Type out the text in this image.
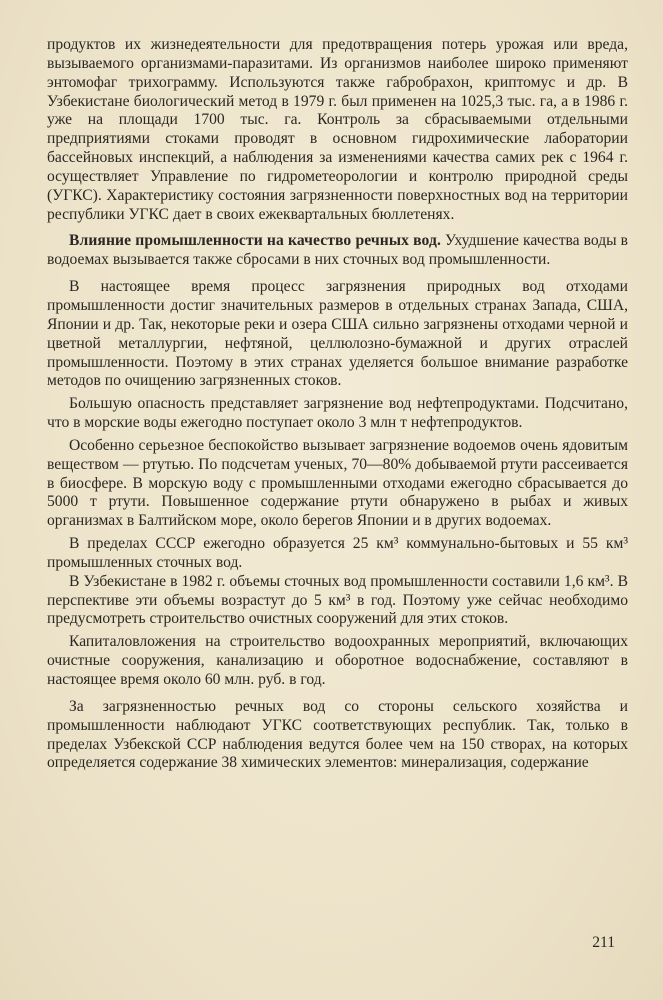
продуктов их жизнедеятельности для предотвращения потерь урожая или вреда, вызываемого организмами-паразитами. Из организмов наиболее широко применяют энтомофаг трихограмму. Используются также габробрахон, криптомус и др. В Узбекистане биологический метод в 1979 г. был применен на 1025,3 тыс. га, а в 1986 г. уже на площади 1700 тыс. га. Контроль за сбрасываемыми отдельными предприятиями стоками проводят в основном гидрохимические лаборатории бассейновых инспекций, а наблюдения за изменениями качества самих рек с 1964 г. осуществляет Управление по гидрометеорологии и контролю природной среды (УГКС). Характеристику состояния загрязненности поверхностных вод на территории республики УГКС дает в своих ежеквартальных бюллетенях.

Влияние промышленности на качество речных вод. Ухудшение качества воды в водоемах вызывается также сбросами в них сточных вод промышленности.

В настоящее время процесс загрязнения природных вод отходами промышленности достиг значительных размеров в отдельных странах Запада, США, Японии и др. Так, некоторые реки и озера США сильно загрязнены отходами черной и цветной металлургии, нефтяной, целлюлозно-бумажной и других отраслей промышленности. Поэтому в этих странах уделяется большое внимание разработке методов по очищению загрязненных стоков.

Большую опасность представляет загрязнение вод нефтепродуктами. Подсчитано, что в морские воды ежегодно поступает около 3 млн т нефтепродуктов.

Особенно серьезное беспокойство вызывает загрязнение водоемов очень ядовитым веществом — ртутью. По подсчетам ученых, 70—80% добываемой ртути рассеивается в биосфере. В морскую воду с промышленными отходами ежегодно сбрасывается до 5000 т ртути. Повышенное содержание ртути обнаружено в рыбах и живых организмах в Балтийском море, около берегов Японии и в других водоемах.

В пределах СССР ежегодно образуется 25 км³ коммунально-бытовых и 55 км³ промышленных сточных вод.

В Узбекистане в 1982 г. объемы сточных вод промышленности составили 1,6 км³. В перспективе эти объемы возрастут до 5 км³ в год. Поэтому уже сейчас необходимо предусмотреть строительство очистных сооружений для этих стоков.

Капиталовложения на строительство водоохранных мероприятий, включающих очистные сооружения, канализацию и оборотное водоснабжение, составляют в настоящее время около 60 млн. руб. в год.

За загрязненностью речных вод со стороны сельского хозяйства и промышленности наблюдают УГКС соответствующих республик. Так, только в пределах Узбекской ССР наблюдения ведутся более чем на 150 створах, на которых определяется содержание 38 химических элементов: минерализация, содержание

211
